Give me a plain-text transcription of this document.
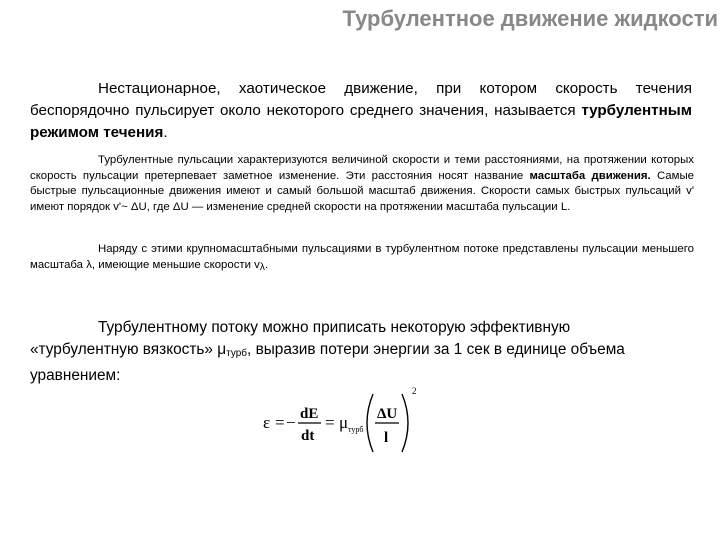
Турбулентное движение жидкости
Нестационарное, хаотическое движение, при котором скорость течения беспорядочно пульсирует около некоторого среднего значения, называется турбулентным режимом течения.
Турбулентные пульсации характеризуются величиной скорости и теми расстояниями, на протяжении которых скорость пульсации претерпевает заметное изменение. Эти расстояния носят название масштаба движения. Самые быстрые пульсационные движения имеют и самый большой масштаб движения. Скорости самых быстрых пульсаций v' имеют порядок v'~ ΔU, где ΔU — изменение средней скорости на протяжении масштаба пульсации L.
Наряду с этими крупномасштабными пульсациями в турбулентном потоке представлены пульсации меньшего масштаба λ, имеющие меньшие скорости $v_\lambda$.
Турбулентному потоку можно приписать некоторую эффективную «турбулентную вязкость» $\mu_{турб}$, выразив потери энергии за 1 сек в единице объема уравнением:
ε = − dE
dt
= μ турб
ΔU
l
2
